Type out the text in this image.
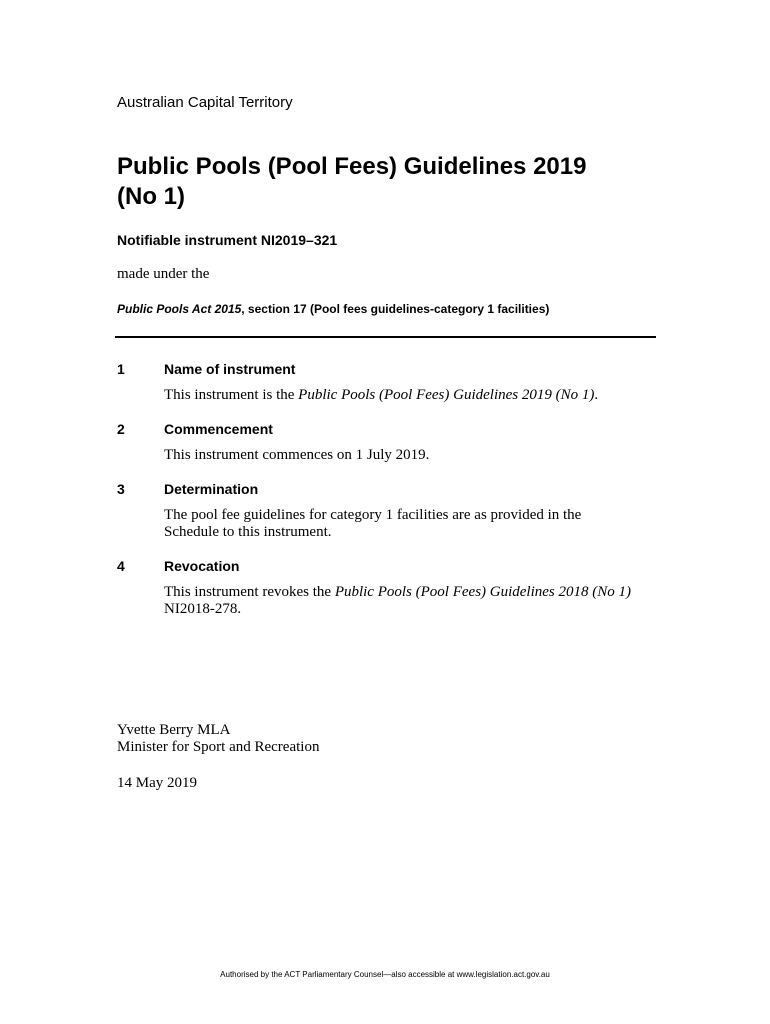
Australian Capital Territory
Public Pools (Pool Fees) Guidelines 2019
(No 1)
Notifiable instrument NI2019–321
made under the
Public Pools Act 2015, section 17 (Pool fees guidelines-category 1 facilities)
1	Name of instrument
This instrument is the Public Pools (Pool Fees) Guidelines 2019 (No 1).
2	Commencement
This instrument commences on 1 July 2019.
3	Determination
The pool fee guidelines for category 1 facilities are as provided in the
Schedule to this instrument.
4	Revocation
This instrument revokes the Public Pools (Pool Fees) Guidelines 2018 (No 1)
NI2018-278.
Yvette Berry MLA
Minister for Sport and Recreation
14 May 2019
Authorised by the ACT Parliamentary Counsel—also accessible at www.legislation.act.gov.au
